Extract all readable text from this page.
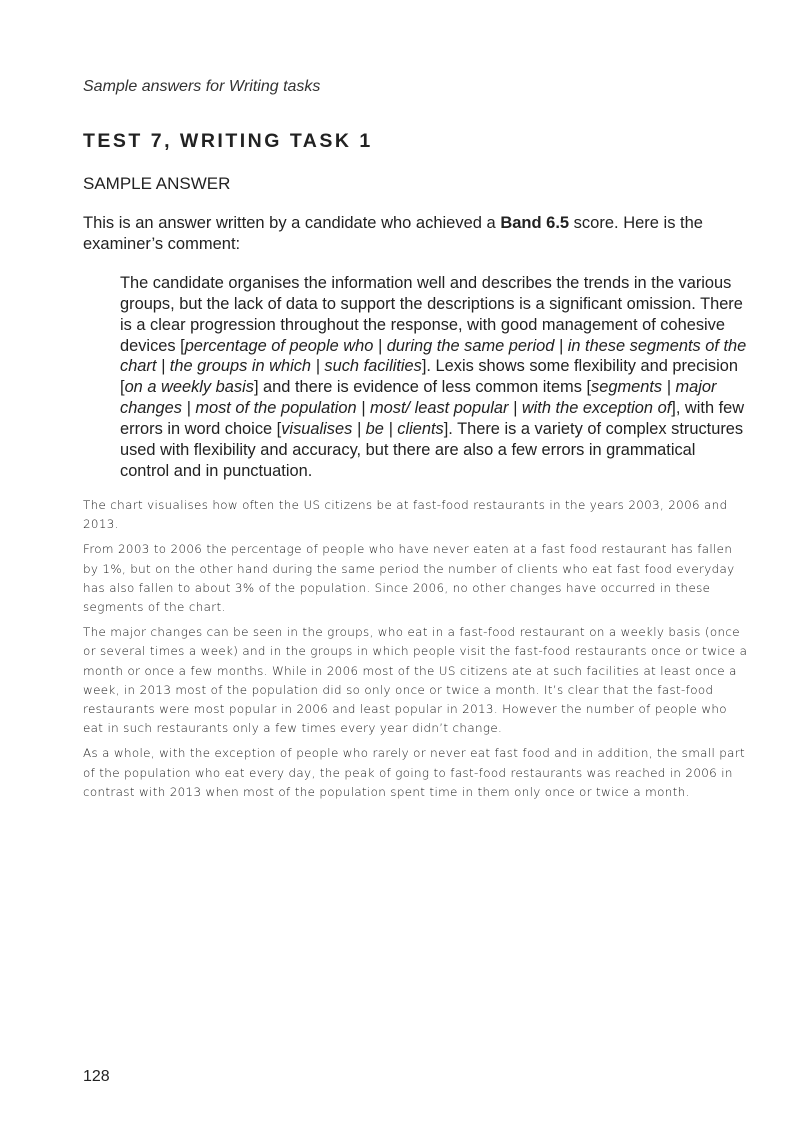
Sample answers for Writing tasks
TEST 7, WRITING TASK 1
SAMPLE ANSWER
This is an answer written by a candidate who achieved a Band 6.5 score. Here is the examiner’s comment:
The candidate organises the information well and describes the trends in the various groups, but the lack of data to support the descriptions is a significant omission. There is a clear progression throughout the response, with good management of cohesive devices [percentage of people who | during the same period | in these segments of the chart | the groups in which | such facilities]. Lexis shows some flexibility and precision [on a weekly basis] and there is evidence of less common items [segments | major changes | most of the population | most/ least popular | with the exception of], with few errors in word choice [visualises | be | clients]. There is a variety of complex structures used with flexibility and accuracy, but there are also a few errors in grammatical control and in punctuation.

The chart visualises how often the US citizens be at fast-food restaurants in the years 2003, 2006 and 2013.

From 2003 to 2006 the percentage of people who have never eaten at a fast food restaurant has fallen by 1%, but on the other hand during the same period the number of clients who eat fast food everyday has also fallen to about 3% of the population. Since 2006, no other changes have occurred in these segments of the chart.

The major changes can be seen in the groups, who eat in a fast-food restaurant on a weekly basis (once or several times a week) and in the groups in which people visit the fast-food restaurants once or twice a month or once a few months. While in 2006 most of the US citizens ate at such facilities at least once a week, in 2013 most of the population did so only once or twice a month. It’s clear that the fast-food restaurants were most popular in 2006 and least popular in 2013. However the number of people who eat in such restaurants only a few times every year didn’t change.

As a whole, with the exception of people who rarely or never eat fast food and in addition, the small part of the population who eat every day, the peak of going to fast-food restaurants was reached in 2006 in contrast with 2013 when most of the population spent time in them only once or twice a month.

128
